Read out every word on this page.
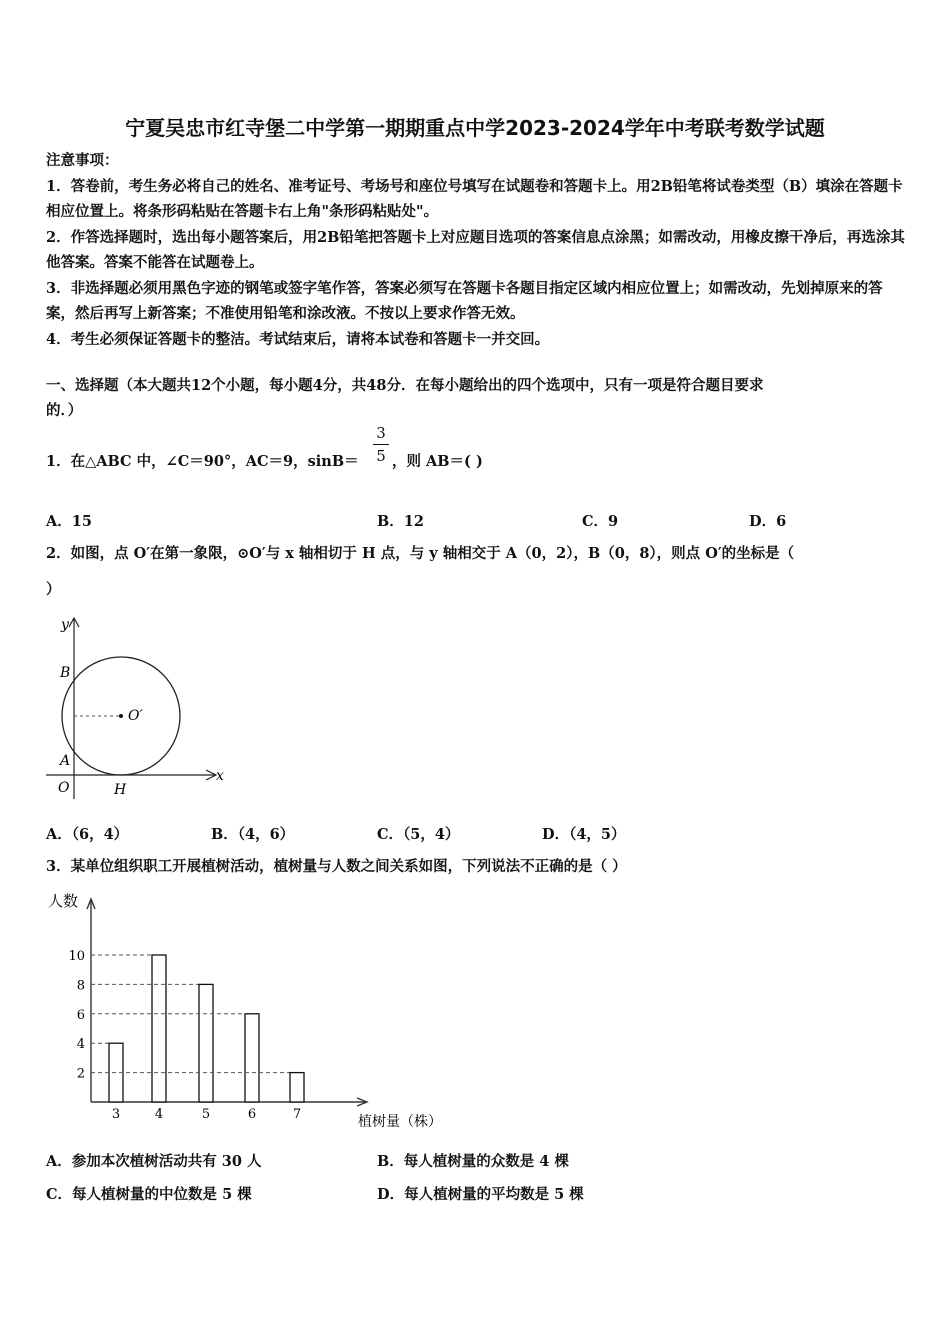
宁夏吴忠市红寺堡二中学第一期期重点中学2023-2024学年中考联考数学试题

注意事项：

1．答卷前，考生务必将自己的姓名、准考证号、考场号和座位号填写在试题卷和答题卡上。用2B铅笔将试卷类型（B）填涂在答题卡相应位置上。将条形码粘贴在答题卡右上角"条形码粘贴处"。

2．作答选择题时，选出每小题答案后，用2B铅笔把答题卡上对应题目选项的答案信息点涂黑；如需改动，用橡皮擦干净后，再选涂其他答案。答案不能答在试题卷上。

3．非选择题必须用黑色字迹的钢笔或签字笔作答，答案必须写在答题卡各题目指定区域内相应位置上；如需改动，先划掉原来的答案，然后再写上新答案；不准使用铅笔和涂改液。不按以上要求作答无效。

4．考生必须保证答题卡的整洁。考试结束后，请将本试卷和答题卡一并交回。

一、选择题（本大题共12个小题，每小题4分，共48分．在每小题给出的四个选项中，只有一项是符合题目要求
的．）
1．在△ABC 中，∠C＝90°，AC＝9，sinB＝
3
5 ，则 AB＝( )
A．15	B．12	C．9	D．6
2．如图，点 O′在第一象限，⊙O′与 x 轴相切于 H 点，与 y 轴相交于 A（0，2），B（0，8），则点 O′的坐标是（
）
O′
y
x
B
A
O	H
A．（6，4）	B．（4，6）	C．（5，4）	D．（4，5）
3．某单位组织职工开展植树活动，植树量与人数之间关系如图，下列说法不正确的是（ ）
人数
植树量（株）
2
4
6
8
10
3	4	5	6	7
A．参加本次植树活动共有 30 人	B．每人植树量的众数是 4 棵
C．每人植树量的中位数是 5 棵	D．每人植树量的平均数是 5 棵
